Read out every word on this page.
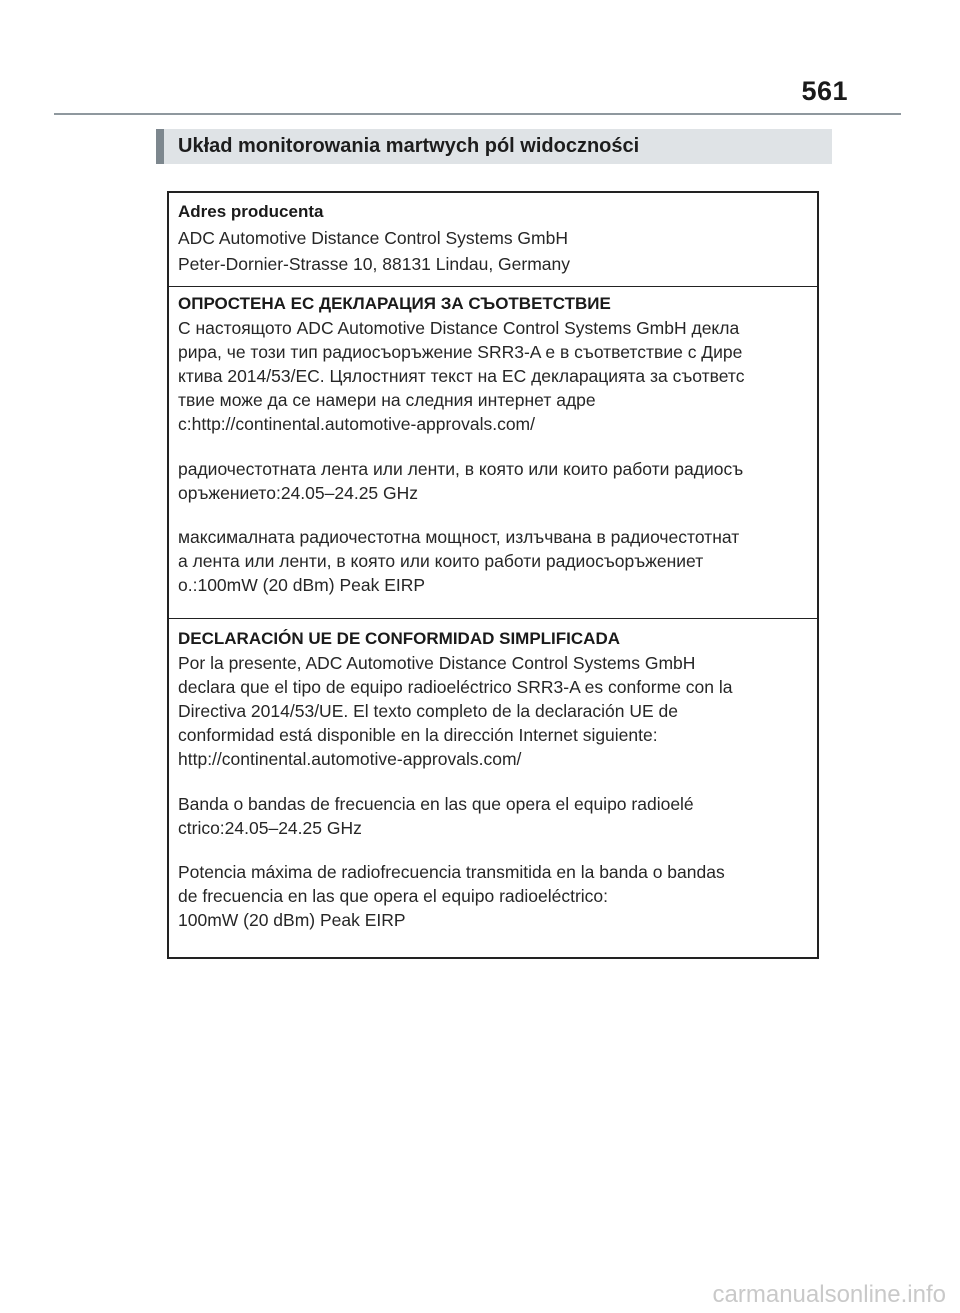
561
Układ monitorowania martwych pól widoczności
Adres producenta
ADC Automotive Distance Control Systems GmbH
Peter-Dornier-Strasse 10, 88131 Lindau, Germany
ОПРОСТЕНА ЕС ДЕКЛАРАЦИЯ ЗА СЪОТВЕТСТВИЕ
С настоящото ADC Automotive Distance Control Systems GmbH декла
рира, че този тип радиосъоръжение SRR3-A е в съответствие с Дире
ктива 2014/53/ЕС. Цялостният текст на ЕС декларацията за съответс
твие може да се намери на следния интернет адре
c:http://continental.automotive-approvals.com/
радиочестотната лента или ленти, в която или които работи радиосъ
оръжението:24.05–24.25 GHz
максималната радиочестотна мощност, излъчвана в радиочестотнат
а лента или ленти, в която или които работи радиосъоръжениет
о.:100mW (20 dBm) Peak EIRP
DECLARACIÓN UE DE CONFORMIDAD SIMPLIFICADA
Por la presente, ADC Automotive Distance Control Systems GmbH
declara que el tipo de equipo radioeléctrico SRR3-A es conforme con la
Directiva 2014/53/UE. El texto completo de la declaración UE de
conformidad está disponible en la dirección Internet siguiente:
http://continental.automotive-approvals.com/
Banda o bandas de frecuencia en las que opera el equipo radioelé
ctrico:24.05–24.25 GHz
Potencia máxima de radiofrecuencia transmitida en la banda o bandas
de frecuencia en las que opera el equipo radioeléctrico:
100mW (20 dBm) Peak EIRP
carmanualsonline.info
